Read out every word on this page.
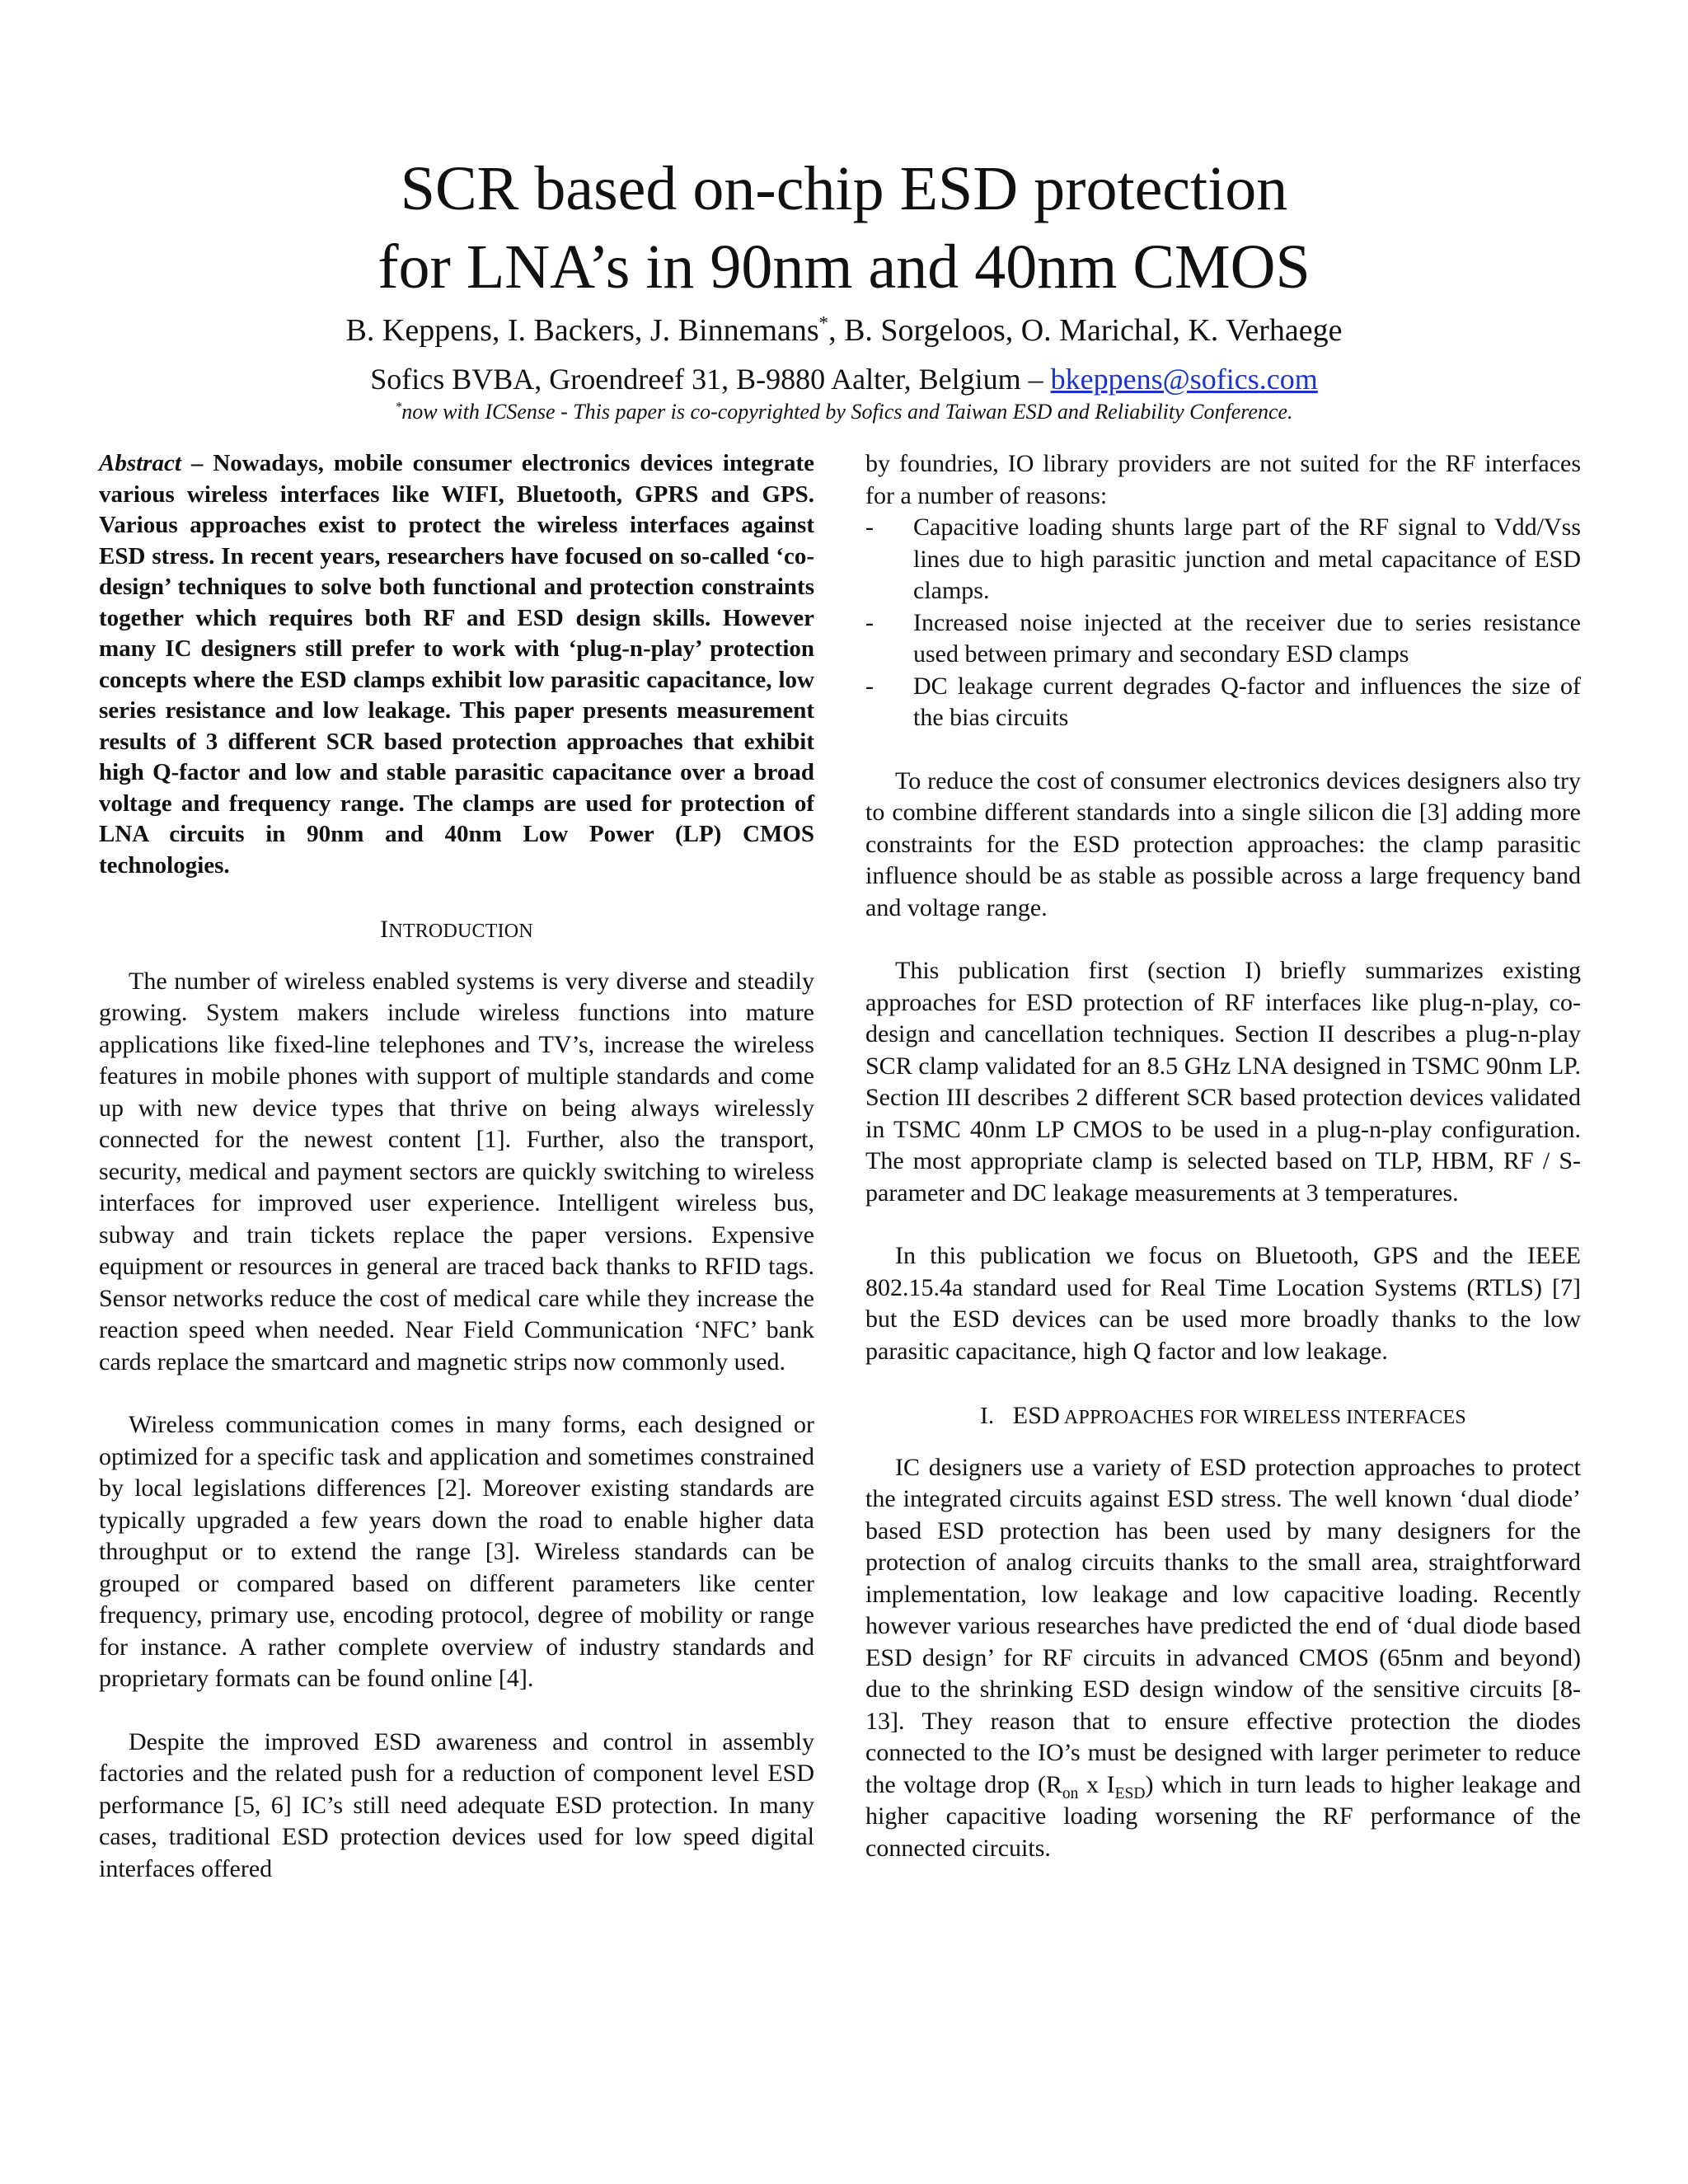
SCR based on-chip ESD protection
for LNA’s in 90nm and 40nm CMOS
B. Keppens, I. Backers, J. Binnemans*, B. Sorgeloos, O. Marichal, K. Verhaege
Sofics BVBA, Groendreef 31, B-9880 Aalter, Belgium – bkeppens@sofics.com
*now with ICSense - This paper is co-copyrighted by Sofics and Taiwan ESD and Reliability Conference.

Abstract – Nowadays, mobile consumer electronics devices integrate various wireless interfaces like WIFI, Bluetooth, GPRS and GPS. Various approaches exist to protect the wireless interfaces against ESD stress. In recent years, researchers have focused on so-called ‘co-design’ techniques to solve both functional and protection constraints together which requires both RF and ESD design skills. However many IC designers still prefer to work with ‘plug-n-play’ protection concepts where the ESD clamps exhibit low parasitic capacitance, low series resistance and low leakage. This paper presents measurement results of 3 different SCR based protection approaches that exhibit high Q-factor and low and stable parasitic capacitance over a broad voltage and frequency range. The clamps are used for protection of LNA circuits in 90nm and 40nm Low Power (LP) CMOS technologies.

INTRODUCTION

The number of wireless enabled systems is very diverse and steadily growing. System makers include wireless functions into mature applications like fixed-line telephones and TV’s, increase the wireless features in mobile phones with support of multiple standards and come up with new device types that thrive on being always wirelessly connected for the newest content [1]. Further, also the transport, security, medical and payment sectors are quickly switching to wireless interfaces for improved user experience. Intelligent wireless bus, subway and train tickets replace the paper versions. Expensive equipment or resources in general are traced back thanks to RFID tags. Sensor networks reduce the cost of medical care while they increase the reaction speed when needed. Near Field Communication ‘NFC’ bank cards replace the smartcard and magnetic strips now commonly used.

Wireless communication comes in many forms, each designed or optimized for a specific task and application and sometimes constrained by local legislations differences [2]. Moreover existing standards are typically upgraded a few years down the road to enable higher data throughput or to extend the range [3]. Wireless standards can be grouped or compared based on different parameters like center frequency, primary use, encoding protocol, degree of mobility or range for instance. A rather complete overview of industry standards and proprietary formats can be found online [4].

Despite the improved ESD awareness and control in assembly factories and the related push for a reduction of component level ESD performance [5, 6] IC’s still need adequate ESD protection. In many cases, traditional ESD protection devices used for low speed digital interfaces offered

by foundries, IO library providers are not suited for the RF interfaces for a number of reasons:

- Capacitive loading shunts large part of the RF signal to Vdd/Vss lines due to high parasitic junction and metal capacitance of ESD clamps.
- Increased noise injected at the receiver due to series resistance used between primary and secondary ESD clamps
- DC leakage current degrades Q-factor and influences the size of the bias circuits

To reduce the cost of consumer electronics devices designers also try to combine different standards into a single silicon die [3] adding more constraints for the ESD protection approaches: the clamp parasitic influence should be as stable as possible across a large frequency band and voltage range.

This publication first (section I) briefly summarizes existing approaches for ESD protection of RF interfaces like plug-n-play, co-design and cancellation techniques. Section II describes a plug-n-play SCR clamp validated for an 8.5 GHz LNA designed in TSMC 90nm LP. Section III describes 2 different SCR based protection devices validated in TSMC 40nm LP CMOS to be used in a plug-n-play configuration. The most appropriate clamp is selected based on TLP, HBM, RF / S-parameter and DC leakage measurements at 3 temperatures.

In this publication we focus on Bluetooth, GPS and the IEEE 802.15.4a standard used for Real Time Location Systems (RTLS) [7] but the ESD devices can be used more broadly thanks to the low parasitic capacitance, high Q factor and low leakage.

I. ESD APPROACHES FOR WIRELESS INTERFACES

IC designers use a variety of ESD protection approaches to protect the integrated circuits against ESD stress. The well known ‘dual diode’ based ESD protection has been used by many designers for the protection of analog circuits thanks to the small area, straightforward implementation, low leakage and low capacitive loading. Recently however various researches have predicted the end of ‘dual diode based ESD design’ for RF circuits in advanced CMOS (65nm and beyond) due to the shrinking ESD design window of the sensitive circuits [8-13]. They reason that to ensure effective protection the diodes connected to the IO’s must be designed with larger perimeter to reduce the voltage drop ($R_{on}$ x $I_{ESD}$) which in turn leads to higher leakage and higher capacitive loading worsening the RF performance of the connected circuits.
